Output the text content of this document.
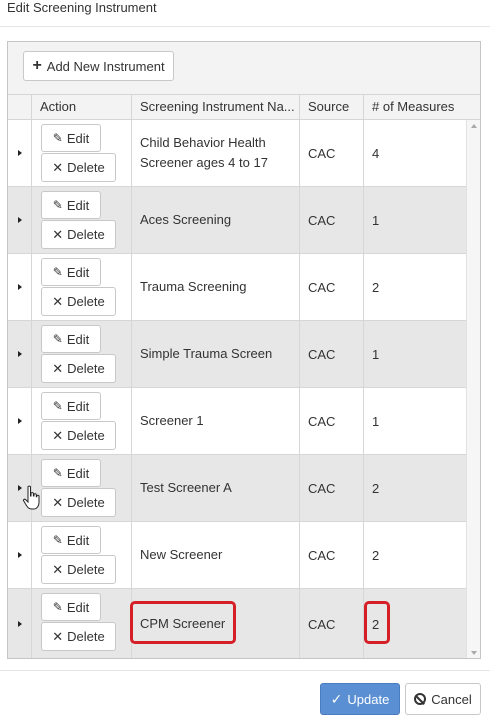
Edit Screening Instrument
+ Add New Instrument
Action	Screening Instrument Na...	Source	# of Measures
✎ Edit
✕ Delete
Child Behavior Health Screener ages 4 to 17
CAC	4
✎ Edit
✕ Delete
Aces Screening	CAC	1
✎ Edit
✕ Delete
Trauma Screening	CAC	2
✎ Edit
✕ Delete
Simple Trauma Screen	CAC	1
✎ Edit
✕ Delete
Screener 1	CAC	1
✎ Edit
✕ Delete
Test Screener A	CAC	2
✎ Edit
✕ Delete
New Screener	CAC	2
✎ Edit
✕ Delete
CPM Screener	CAC	2
✓ Update	Cancel
